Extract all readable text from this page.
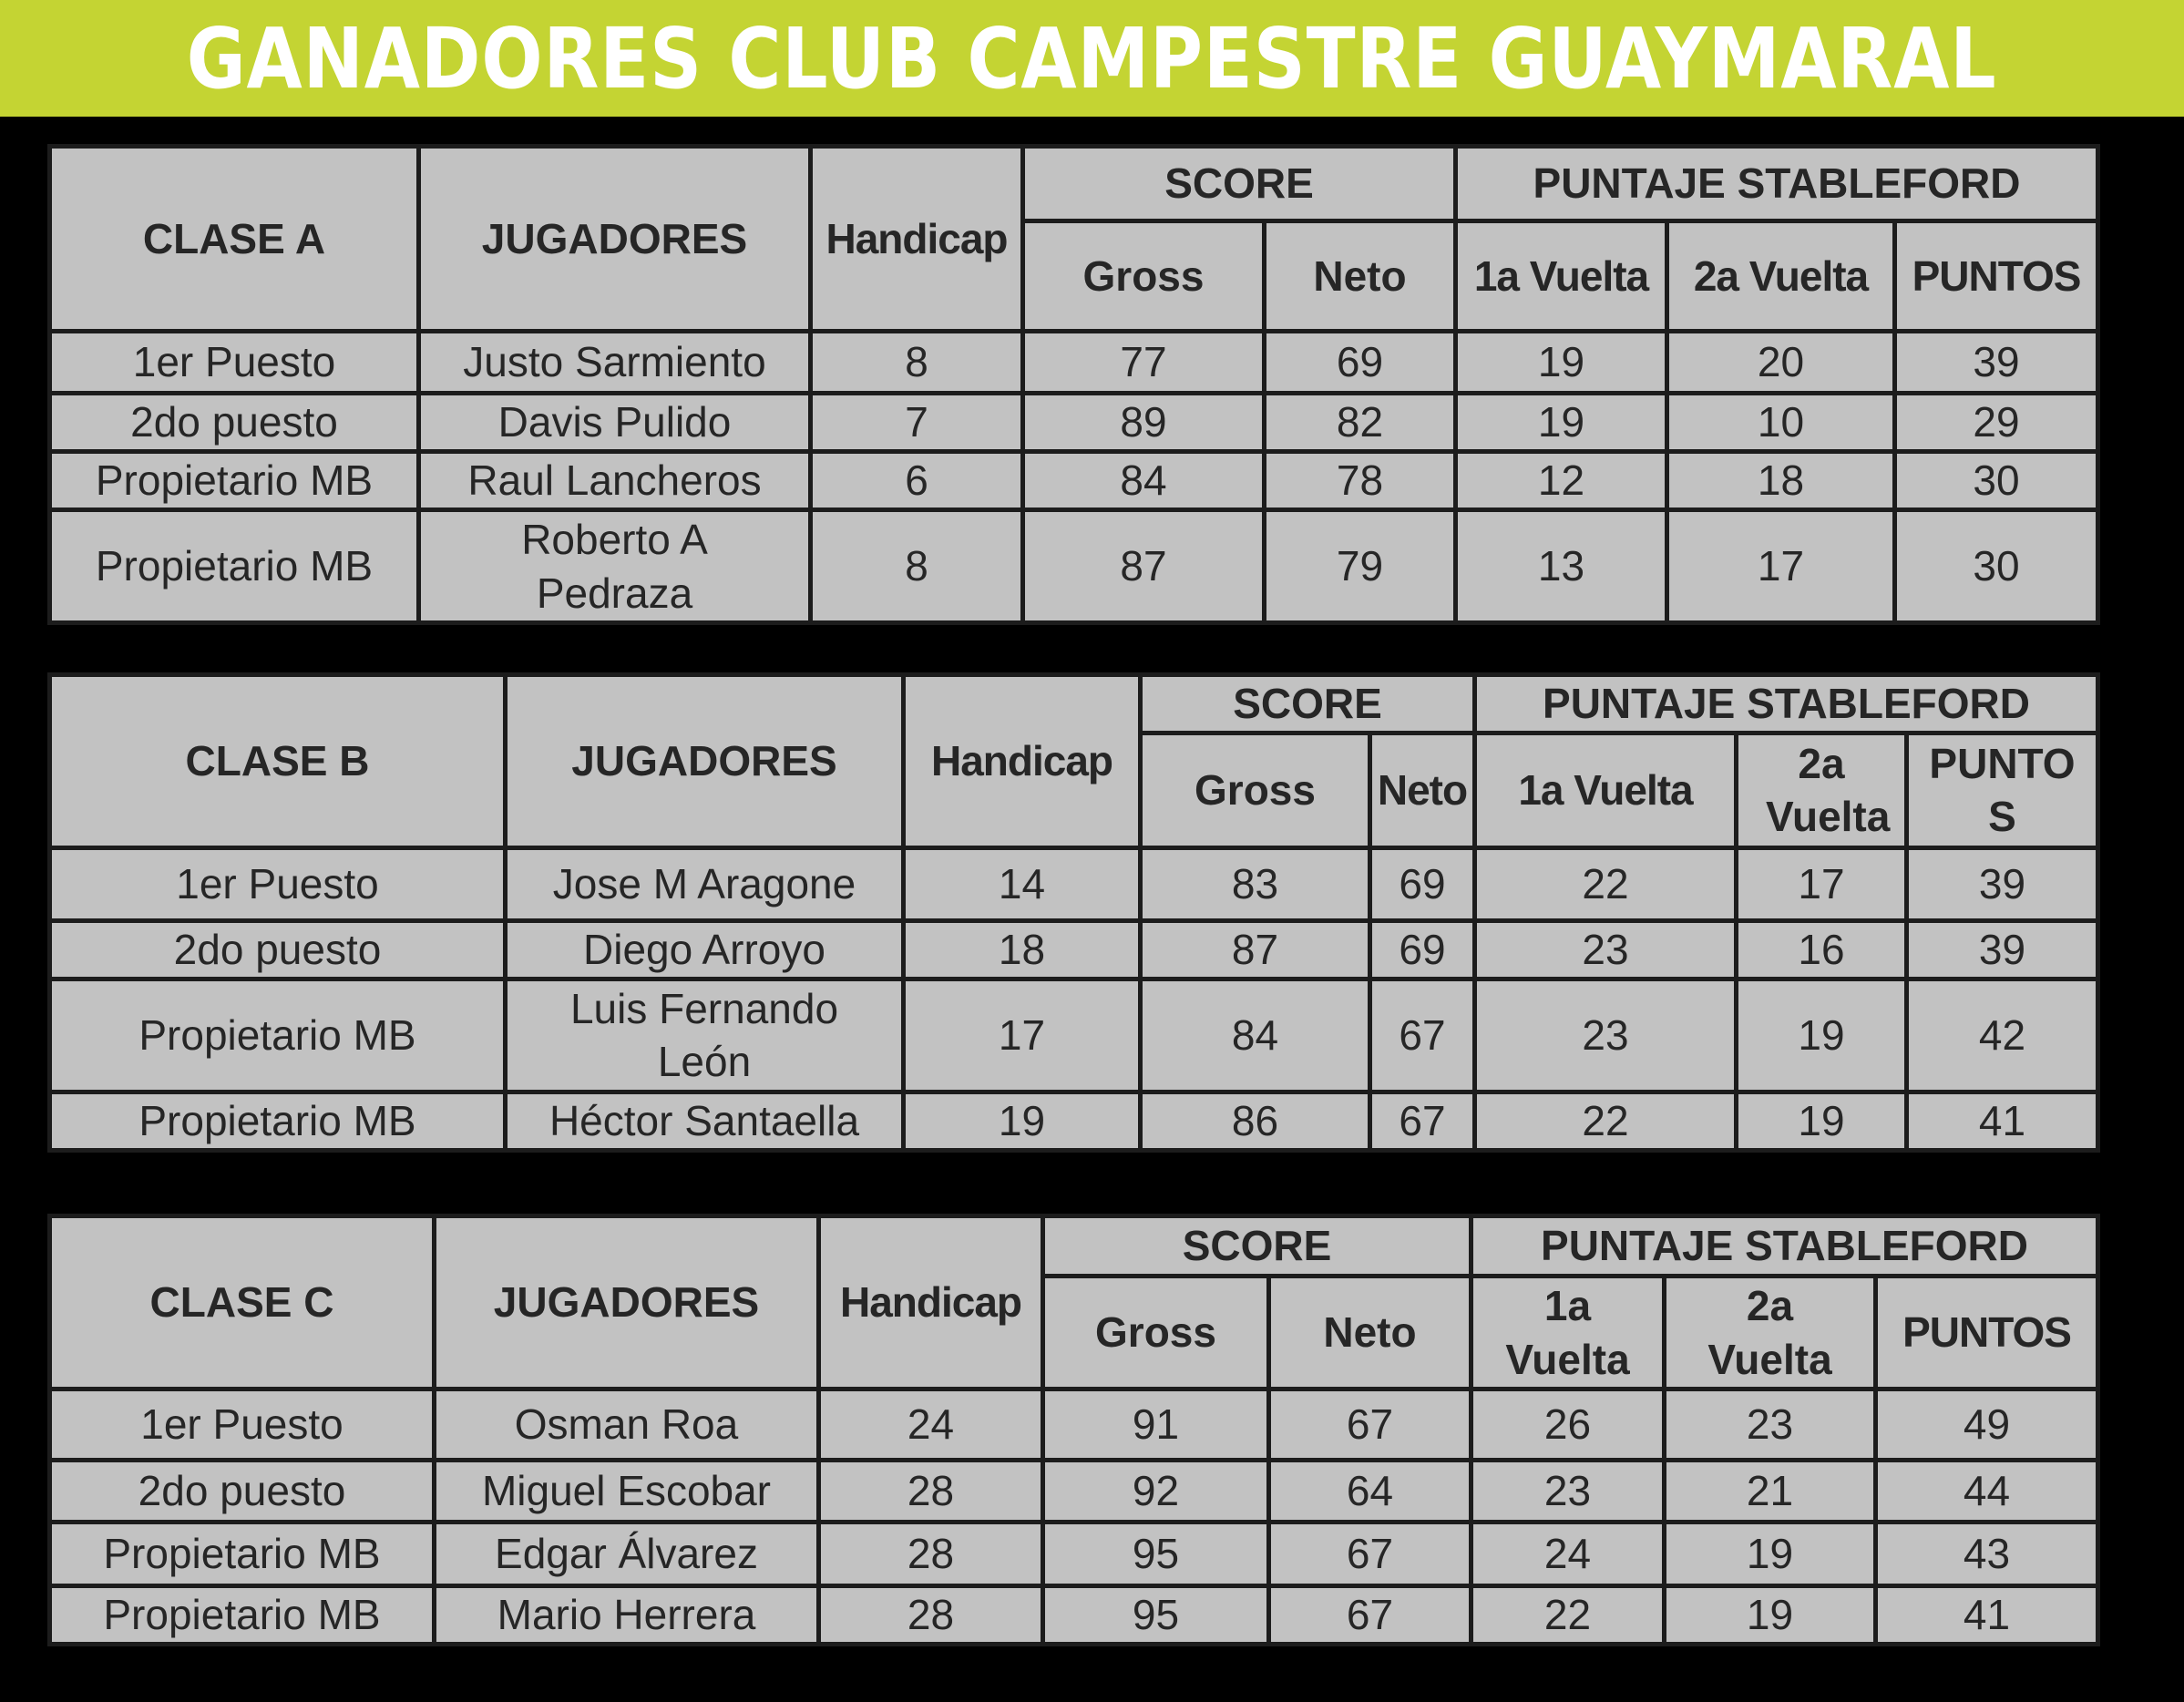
GANADORES CLUB CAMPESTRE GUAYMARAL
CLASE A	JUGADORES	Handicap	SCORE		PUNTAJE STABLEFORD		
			Gross	Neto	1a Vuelta	2a Vuelta	PUNTOS
1er Puesto	Justo Sarmiento	8	77	69	19	20	39
2do puesto	Davis Pulido	7	89	82	19	10	29
Propietario MB	Raul Lancheros	6	84	78	12	18	30
Propietario MB	Roberto A Pedraza	8	87	79	13	17	30
CLASE B	JUGADORES	Handicap	SCORE		PUNTAJE STABLEFORD		
			Gross	Neto	1a Vuelta	2a Vuelta	PUNTO S
1er Puesto	Jose M Aragone	14	83	69	22	17	39
2do puesto	Diego Arroyo	18	87	69	23	16	39
Propietario MB	Luis Fernando León	17	84	67	23	19	42
Propietario MB	Héctor Santaella	19	86	67	22	19	41
CLASE C	JUGADORES	Handicap	SCORE		PUNTAJE STABLEFORD		
			Gross	Neto	1a Vuelta	2a Vuelta	PUNTOS
1er Puesto	Osman Roa	24	91	67	26	23	49
2do puesto	Miguel Escobar	28	92	64	23	21	44
Propietario MB	Edgar Álvarez	28	95	67	24	19	43
Propietario MB	Mario Herrera	28	95	67	22	19	41
